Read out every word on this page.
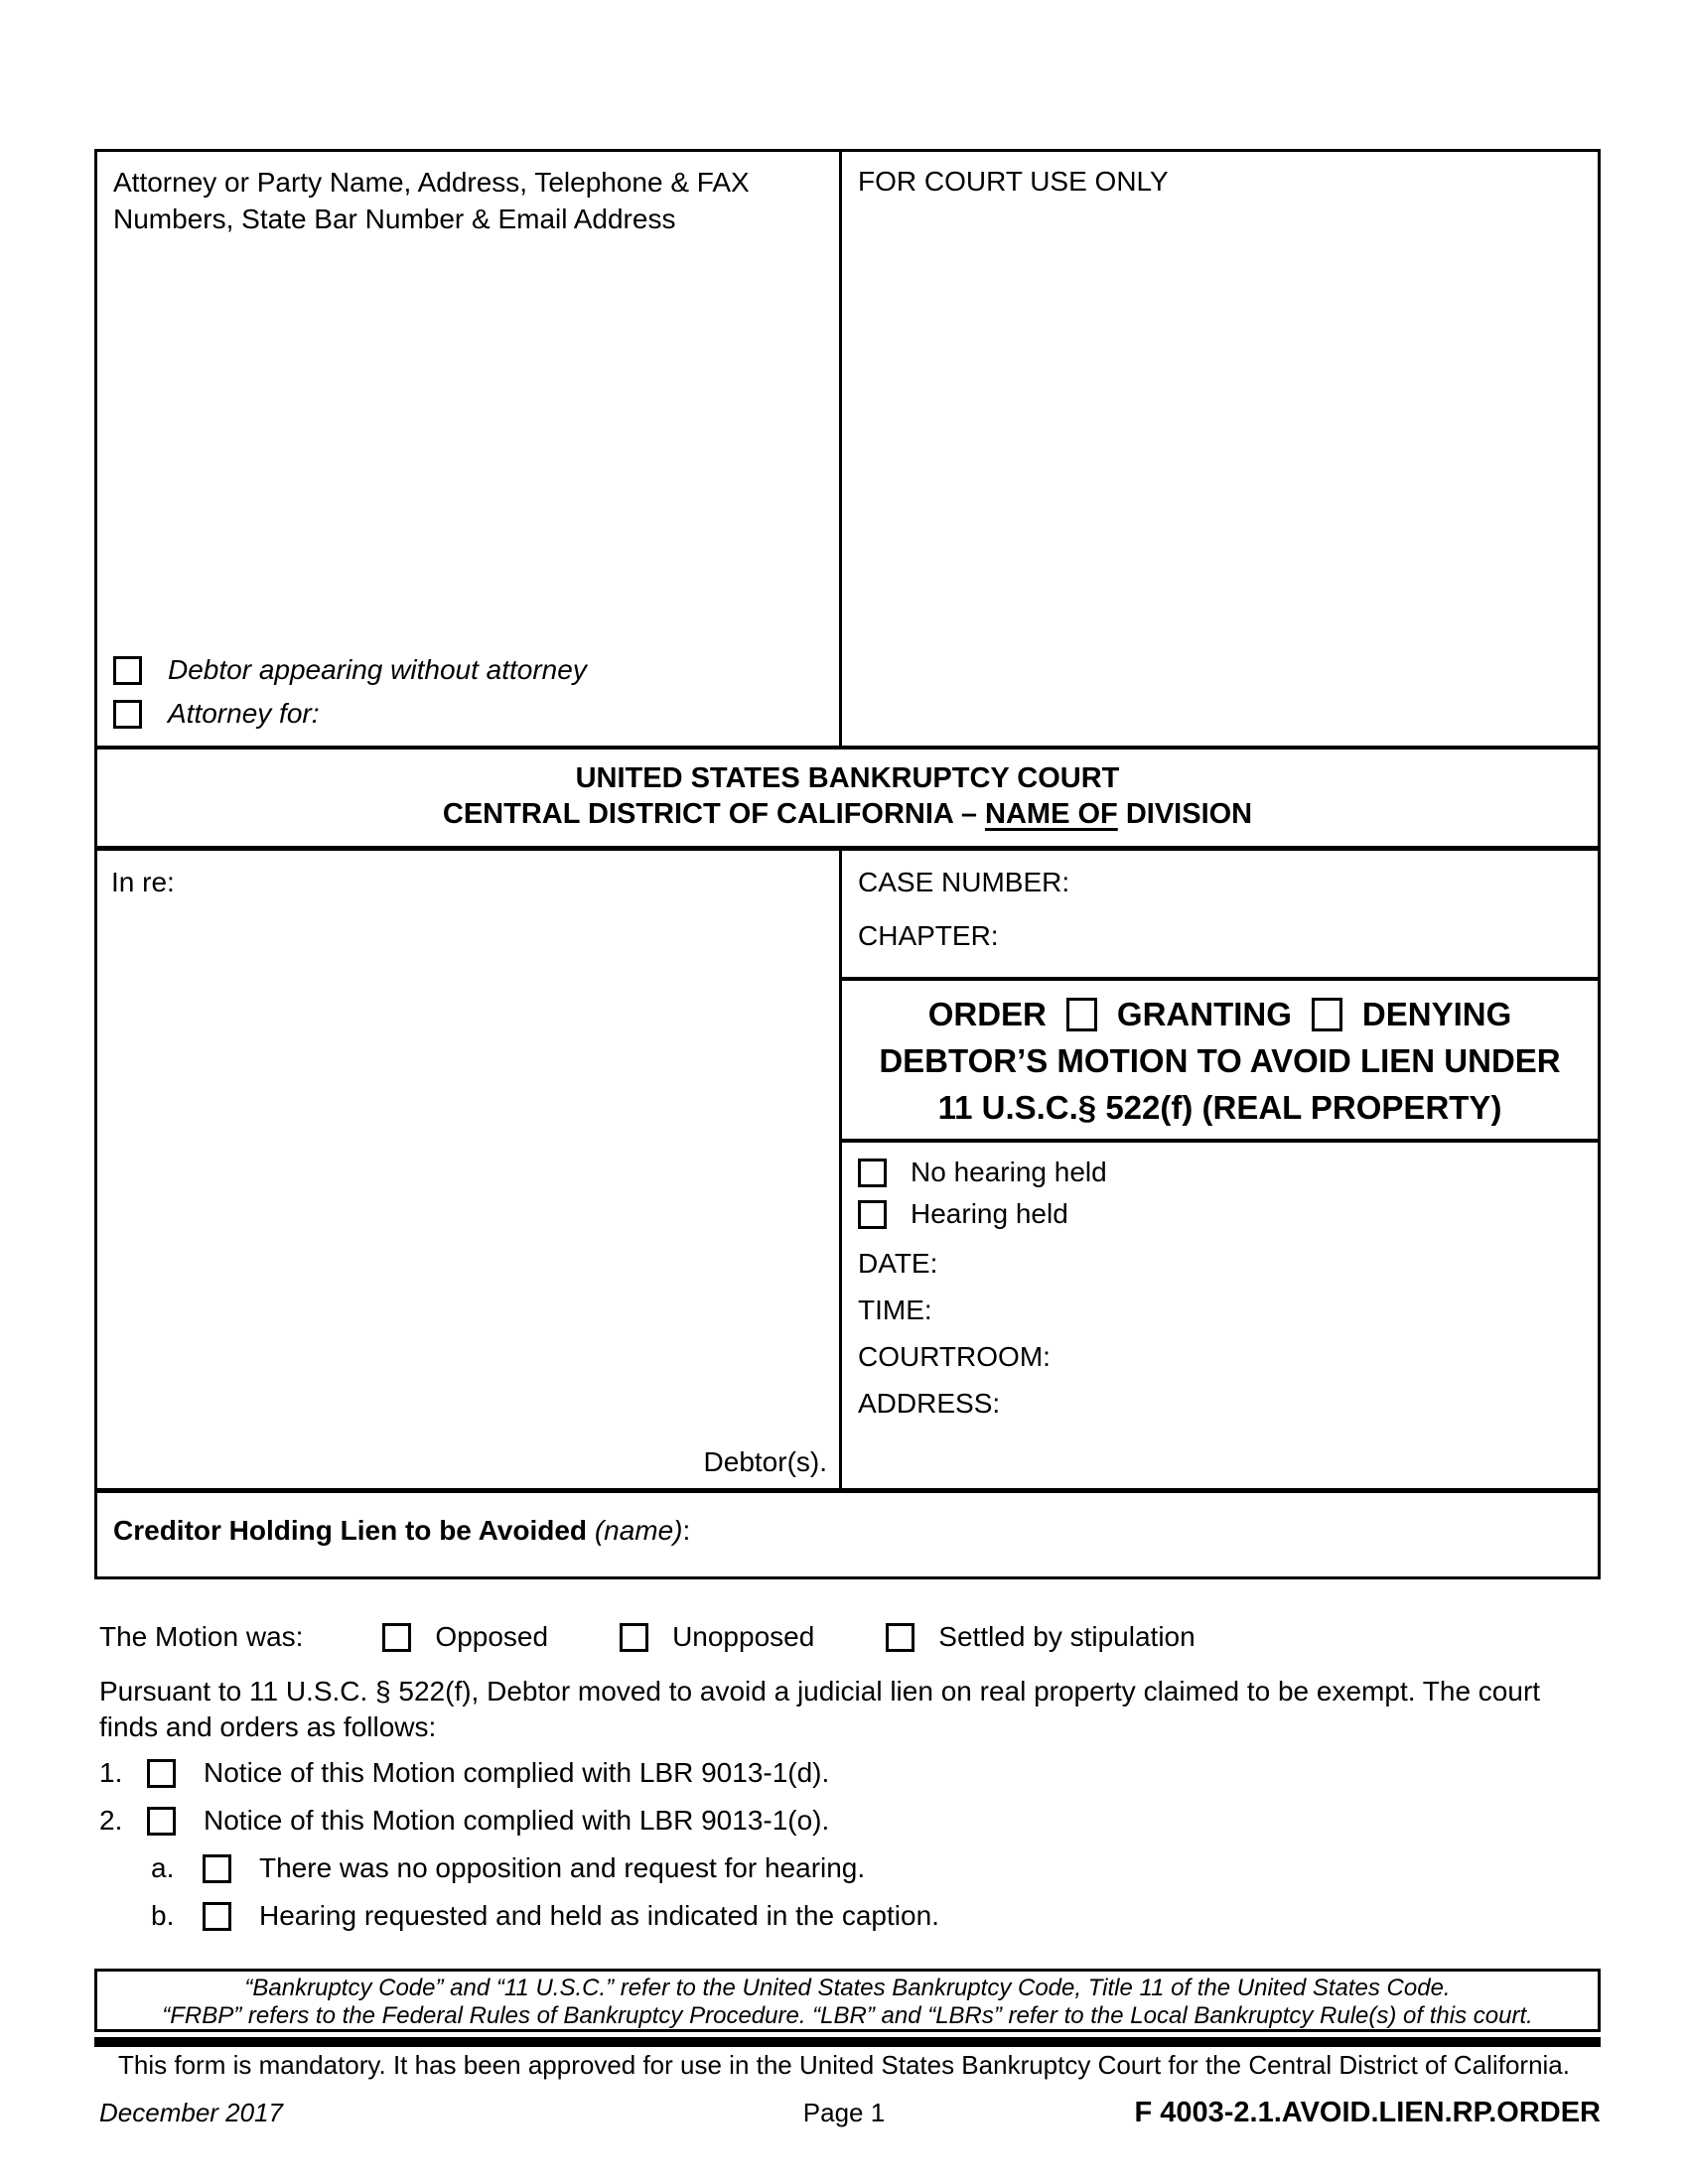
Attorney or Party Name, Address, Telephone & FAX Numbers, State Bar Number & Email Address
Debtor appearing without attorney
Attorney for:
FOR COURT USE ONLY
UNITED STATES BANKRUPTCY COURT
CENTRAL DISTRICT OF CALIFORNIA – NAME OF DIVISION
In re:
Debtor(s).
CASE NUMBER:
CHAPTER:
ORDER GRANTING DENYING
DEBTOR’S MOTION TO AVOID LIEN UNDER
11 U.S.C.§ 522(f) (REAL PROPERTY)
No hearing held
Hearing held
DATE:
TIME:
COURTROOM:
ADDRESS:
Creditor Holding Lien to be Avoided (name):
The Motion was:	Opposed	Unopposed	Settled by stipulation
Pursuant to 11 U.S.C. § 522(f), Debtor moved to avoid a judicial lien on real property claimed to be exempt. The court finds and orders as follows:
1.	Notice of this Motion complied with LBR 9013-1(d).
2.	Notice of this Motion complied with LBR 9013-1(o).
a.	There was no opposition and request for hearing.
b.	Hearing requested and held as indicated in the caption.
“Bankruptcy Code” and “11 U.S.C.” refer to the United States Bankruptcy Code, Title 11 of the United States Code.
“FRBP” refers to the Federal Rules of Bankruptcy Procedure. “LBR” and “LBRs” refer to the Local Bankruptcy Rule(s) of this court.
This form is mandatory. It has been approved for use in the United States Bankruptcy Court for the Central District of California.
December 2017	Page 1	F 4003-2.1.AVOID.LIEN.RP.ORDER
